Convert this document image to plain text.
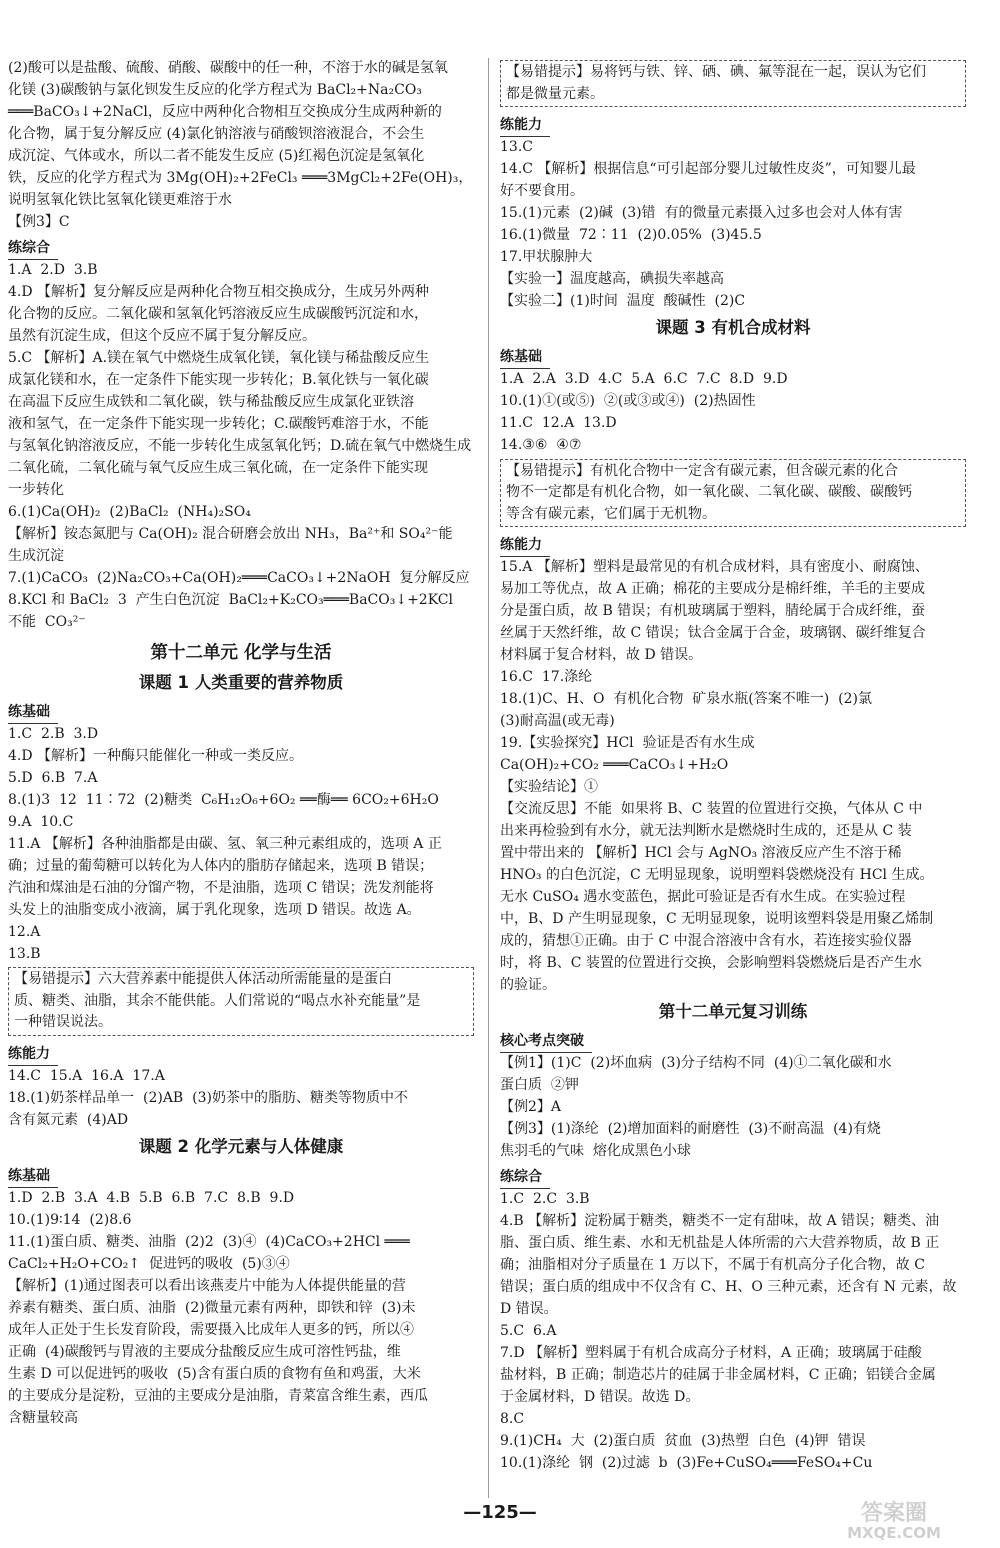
(2)酸可以是盐酸、硫酸、硝酸、碳酸中的任一种，不溶于水的碱是氢氧
化镁 (3)碳酸钠与氯化钡发生反应的化学方程式为 BaCl₂+Na₂CO₃
═══BaCO₃↓+2NaCl，反应中两种化合物相互交换成分生成两种新的
化合物，属于复分解反应 (4)氯化钠溶液与硝酸钡溶液混合，不会生
成沉淀、气体或水，所以二者不能发生反应 (5)红褐色沉淀是氢氧化
铁，反应的化学方程式为 3Mg(OH)₂+2FeCl₃ ═══3MgCl₂+2Fe(OH)₃，
说明氢氧化铁比氢氧化镁更难溶于水
【例3】C
练综合
1.A  2.D  3.B
4.D 【解析】复分解反应是两种化合物互相交换成分，生成另外两种
化合物的反应。二氧化碳和氢氧化钙溶液反应生成碳酸钙沉淀和水，
虽然有沉淀生成，但这个反应不属于复分解反应。
5.C 【解析】A.镁在氧气中燃烧生成氧化镁，氧化镁与稀盐酸反应生
成氯化镁和水，在一定条件下能实现一步转化；B.氧化铁与一氧化碳
在高温下反应生成铁和二氧化碳，铁与稀盐酸反应生成氯化亚铁溶
液和氢气，在一定条件下能实现一步转化；C.碳酸钙难溶于水，不能
与氢氧化钠溶液反应，不能一步转化生成氢氧化钙；D.硫在氧气中燃烧生成
二氧化硫，二氧化硫与氧气反应生成三氧化硫，在一定条件下能实现
一步转化
6.(1)Ca(OH)₂  (2)BaCl₂  (NH₄)₂SO₄
【解析】铵态氮肥与 Ca(OH)₂ 混合研磨会放出 NH₃，Ba²⁺和 SO₄²⁻能
生成沉淀
7.(1)CaCO₃  (2)Na₂CO₃+Ca(OH)₂═══CaCO₃↓+2NaOH  复分解反应
8.KCl 和 BaCl₂  3  产生白色沉淀  BaCl₂+K₂CO₃═══BaCO₃↓+2KCl
不能  CO₃²⁻
第十二单元 化学与生活
课题 1 人类重要的营养物质
练基础
1.C  2.B  3.D
4.D 【解析】一种酶只能催化一种或一类反应。
5.D  6.B  7.A
8.(1)3  12  11∶72  (2)糖类  C₆H₁₂O₆+6O₂ ══酶══ 6CO₂+6H₂O
9.A  10.C
11.A 【解析】各种油脂都是由碳、氢、氧三种元素组成的，选项 A 正
确；过量的葡萄糖可以转化为人体内的脂肪存储起来，选项 B 错误；
汽油和煤油是石油的分馏产物，不是油脂，选项 C 错误；洗发剂能将
头发上的油脂变成小液滴，属于乳化现象，选项 D 错误。故选 A。
12.A
13.B
【易错提示】六大营养素中能提供人体活动所需能量的是蛋白
质、糖类、油脂，其余不能供能。人们常说的“喝点水补充能量”是
一种错误说法。
练能力
14.C  15.A  16.A  17.A
18.(1)奶茶样品单一  (2)AB  (3)奶茶中的脂肪、糖类等物质中不
含有氮元素  (4)AD
课题 2 化学元素与人体健康
练基础
1.D  2.B  3.A  4.B  5.B  6.B  7.C  8.B  9.D
10.(1)9∶14  (2)8.6
11.(1)蛋白质、糖类、油脂  (2)2  (3)④  (4)CaCO₃+2HCl ═══
CaCl₂+H₂O+CO₂↑  促进钙的吸收  (5)③④
【解析】(1)通过图表可以看出该燕麦片中能为人体提供能量的营
养素有糖类、蛋白质、油脂  (2)微量元素有两种，即铁和锌  (3)未
成年人正处于生长发育阶段，需要摄入比成年人更多的钙，所以④
正确  (4)碳酸钙与胃液的主要成分盐酸反应生成可溶性钙盐，维
生素 D 可以促进钙的吸收  (5)含有蛋白质的食物有鱼和鸡蛋，大米
的主要成分是淀粉，豆油的主要成分是油脂，青菜富含维生素，西瓜
含糖量较高
【易错提示】易将钙与铁、锌、硒、碘、氟等混在一起，误认为它们
都是微量元素。
练能力
13.C
14.C 【解析】根据信息“可引起部分婴儿过敏性皮炎”，可知婴儿最
好不要食用。
15.(1)元素  (2)碱  (3)错  有的微量元素摄入过多也会对人体有害
16.(1)微量  72∶11  (2)0.05%  (3)45.5
17.甲状腺肿大
【实验一】温度越高，碘损失率越高
【实验二】(1)时间  温度  酸碱性  (2)C
课题 3 有机合成材料
练基础
1.A  2.A  3.D  4.C  5.A  6.C  7.C  8.D  9.D
10.(1)①(或⑤)  ②(或③或④)  (2)热固性
11.C  12.A  13.D
14.③⑥  ④⑦
【易错提示】有机化合物中一定含有碳元素，但含碳元素的化合
物不一定都是有机化合物，如一氧化碳、二氧化碳、碳酸、碳酸钙
等含有碳元素，它们属于无机物。
练能力
15.A 【解析】塑料是最常见的有机合成材料，具有密度小、耐腐蚀、
易加工等优点，故 A 正确；棉花的主要成分是棉纤维，羊毛的主要成
分是蛋白质，故 B 错误；有机玻璃属于塑料，腈纶属于合成纤维，蚕
丝属于天然纤维，故 C 错误；钛合金属于合金，玻璃钢、碳纤维复合
材料属于复合材料，故 D 错误。
16.C  17.涤纶
18.(1)C、H、O  有机化合物  矿泉水瓶(答案不唯一)  (2)氯
(3)耐高温(或无毒)
19.【实验探究】HCl  验证是否有水生成
Ca(OH)₂+CO₂ ═══CaCO₃↓+H₂O
【实验结论】①
【交流反思】不能  如果将 B、C 装置的位置进行交换，气体从 C 中
出来再检验到有水分，就无法判断水是燃烧时生成的，还是从 C 装
置中带出来的 【解析】HCl 会与 AgNO₃ 溶液反应产生不溶于稀
HNO₃ 的白色沉淀，C 无明显现象，说明塑料袋燃烧没有 HCl 生成。
无水 CuSO₄ 遇水变蓝色，据此可验证是否有水生成。在实验过程
中，B、D 产生明显现象，C 无明显现象，说明该塑料袋是用聚乙烯制
成的，猜想①正确。由于 C 中混合溶液中含有水，若连接实验仪器
时，将 B、C 装置的位置进行交换，会影响塑料袋燃烧后是否产生水
的验证。
第十二单元复习训练
核心考点突破
【例1】(1)C  (2)坏血病  (3)分子结构不同  (4)①二氧化碳和水
蛋白质  ②钾
【例2】A
【例3】(1)涤纶  (2)增加面料的耐磨性  (3)不耐高温  (4)有烧
焦羽毛的气味  熔化成黑色小球
练综合
1.C  2.C  3.B
4.B 【解析】淀粉属于糖类，糖类不一定有甜味，故 A 错误；糖类、油
脂、蛋白质、维生素、水和无机盐是人体所需的六大营养物质，故 B 正
确；油脂相对分子质量在 1 万以下，不属于有机高分子化合物，故 C
错误；蛋白质的组成中不仅含有 C、H、O 三种元素，还含有 N 元素，故
D 错误。
5.C  6.A
7.D 【解析】塑料属于有机合成高分子材料，A 正确；玻璃属于硅酸
盐材料，B 正确；制造芯片的硅属于非金属材料，C 正确；铝镁合金属
于金属材料，D 错误。故选 D。
8.C
9.(1)CH₄  大  (2)蛋白质  贫血  (3)热塑  白色  (4)钾  错误
10.(1)涤纶  钢  (2)过滤  b  (3)Fe+CuSO₄═══FeSO₄+Cu
—125—	答案圈
MXQE.COM
